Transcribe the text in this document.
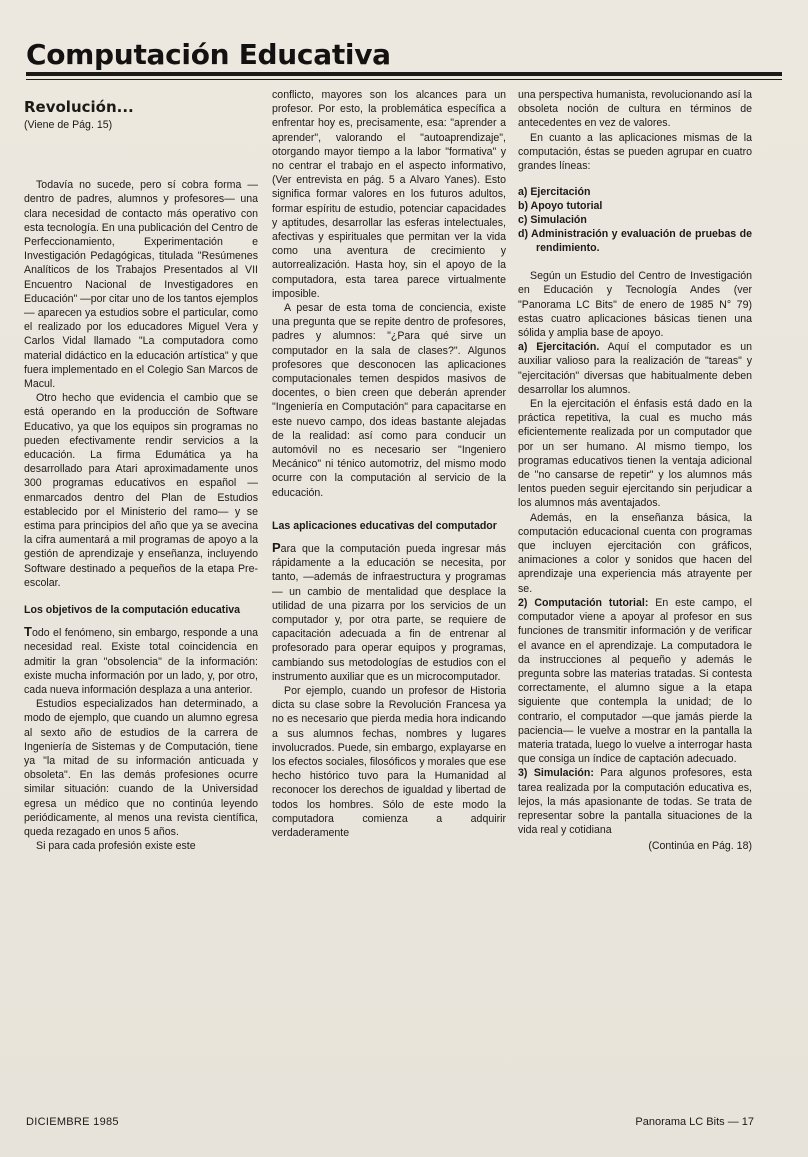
Computación Educativa
Revolución...
(Viene de Pág. 15)

Todavía no sucede, pero sí cobra forma —dentro de padres, alumnos y profesores— una clara necesidad de contacto más operativo con esta tecnología. En una publicación del Centro de Perfeccionamiento, Experimentación e Investigación Pedagógicas, titulada "Resúmenes Analíticos de los Trabajos Presentados al VII Encuentro Nacional de Investigadores en Educación" —por citar uno de los tantos ejemplos— aparecen ya estudios sobre el particular, como el realizado por los educadores Miguel Vera y Carlos Vidal llamado "La computadora como material didáctico en la educación artística" y que fuera implementado en el Colegio San Marcos de Macul.

Otro hecho que evidencia el cambio que se está operando en la producción de Software Educativo, ya que los equipos sin programas no pueden efectivamente rendir servicios a la educación. La firma Edumática ya ha desarrollado para Atari aproximadamente unos 300 programas educativos en español —enmarcados dentro del Plan de Estudios establecido por el Ministerio del ramo— y se estima para principios del año que ya se avecina la cifra aumentará a mil programas de apoyo a la gestión de aprendizaje y enseñanza, incluyendo Software destinado a pequeños de la etapa Pre-escolar.

Los objetivos de la computación educativa

Todo el fenómeno, sin embargo, responde a una necesidad real. Existe total coincidencia en admitir la gran "obsolencia" de la información: existe mucha información por un lado, y, por otro, cada nueva información desplaza a una anterior.

Estudios especializados han determinado, a modo de ejemplo, que cuando un alumno egresa al sexto año de estudios de la carrera de Ingeniería de Sistemas y de Computación, tiene ya "la mitad de su información anticuada y obsoleta". En las demás profesiones ocurre similar situación: cuando de la Universidad egresa un médico que no continúa leyendo periódicamente, al menos una revista científica, queda rezagado en unos 5 años.

Si para cada profesión existe este

conflicto, mayores son los alcances para un profesor. Por esto, la problemática específica a enfrentar hoy es, precisamente, esa: "aprender a aprender", valorando el "autoaprendizaje", otorgando mayor tiempo a la labor "formativa" y no centrar el trabajo en el aspecto informativo, (Ver entrevista en pág. 5 a Alvaro Yanes). Esto significa formar valores en los futuros adultos, formar espíritu de estudio, potenciar capacidades y aptitudes, desarrollar las esferas intelectuales, afectivas y espirituales que permitan ver la vida como una aventura de crecimiento y autorrealización. Hasta hoy, sin el apoyo de la computadora, esta tarea parece virtualmente imposible.

A pesar de esta toma de conciencia, existe una pregunta que se repite dentro de profesores, padres y alumnos: "¿Para qué sirve un computador en la sala de clases?". Algunos profesores que desconocen las aplicaciones computacionales temen despidos masivos de docentes, o bien creen que deberán aprender "Ingeniería en Computación" para capacitarse en este nuevo campo, dos ideas bastante alejadas de la realidad: así como para conducir un automóvil no es necesario ser "Ingeniero Mecánico" ni ténico automotriz, del mismo modo ocurre con la computación al servicio de la educación.

Las aplicaciones educativas del computador

Para que la computación pueda ingresar más rápidamente a la educación se necesita, por tanto, —además de infraestructura y programas— un cambio de mentalidad que desplace la utilidad de una pizarra por los servicios de un computador y, por otra parte, se requiere de capacitación adecuada a fin de entrenar al profesorado para operar equipos y programas, cambiando sus metodologías de estudios con el instrumento auxiliar que es un microcomputador.

Por ejemplo, cuando un profesor de Historia dicta su clase sobre la Revolución Francesa ya no es necesario que pierda media hora indicando a sus alumnos fechas, nombres y lugares involucrados. Puede, sin embargo, explayarse en los efectos sociales, filosóficos y morales que ese hecho histórico tuvo para la Humanidad al reconocer los derechos de igualdad y libertad de todos los hombres. Sólo de este modo la computadora comienza a adquirir verdaderamente

una perspectiva humanista, revolucionando así la obsoleta noción de cultura en términos de antecedentes en vez de valores.

En cuanto a las aplicaciones mismas de la computación, éstas se pueden agrupar en cuatro grandes líneas:

a) Ejercitación
b) Apoyo tutorial
c) Simulación
d) Administración y evaluación de pruebas de rendimiento.

Según un Estudio del Centro de Investigación en Educación y Tecnología Andes (ver "Panorama LC Bits" de enero de 1985 N° 79) estas cuatro aplicaciones básicas tienen una sólida y amplia base de apoyo.

a) Ejercitación. Aquí el computador es un auxiliar valioso para la realización de "tareas" y "ejercitación" diversas que habitualmente deben desarrollar los alumnos.

En la ejercitación el énfasis está dado en la práctica repetitiva, la cual es mucho más eficientemente realizada por un computador que por un ser humano. Al mismo tiempo, los programas educativos tienen la ventaja adicional de "no cansarse de repetir" y los alumnos más lentos pueden seguir ejercitando sin perjudicar a los alumnos más aventajados.

Además, en la enseñanza básica, la computación educacional cuenta con programas que incluyen ejercitación con gráficos, animaciones a color y sonidos que hacen del aprendizaje una experiencia más atrayente per se.

2) Computación tutorial: En este campo, el computador viene a apoyar al profesor en sus funciones de transmitir información y de verificar el avance en el aprendizaje. La computadora le da instrucciones al pequeño y además le pregunta sobre las materias tratadas. Si contesta correctamente, el alumno sigue a la etapa siguiente que contempla la unidad; de lo contrario, el computador —que jamás pierde la paciencia— le vuelve a mostrar en la pantalla la materia tratada, luego lo vuelve a interrogar hasta que consiga un índice de captación adecuado.

3) Simulación: Para algunos profesores, esta tarea realizada por la computación educativa es, lejos, la más apasionante de todas. Se trata de representar sobre la pantalla situaciones de la vida real y cotidiana

(Continúa en Pág. 18)
DICIEMBRE 1985	Panorama LC Bits — 17
